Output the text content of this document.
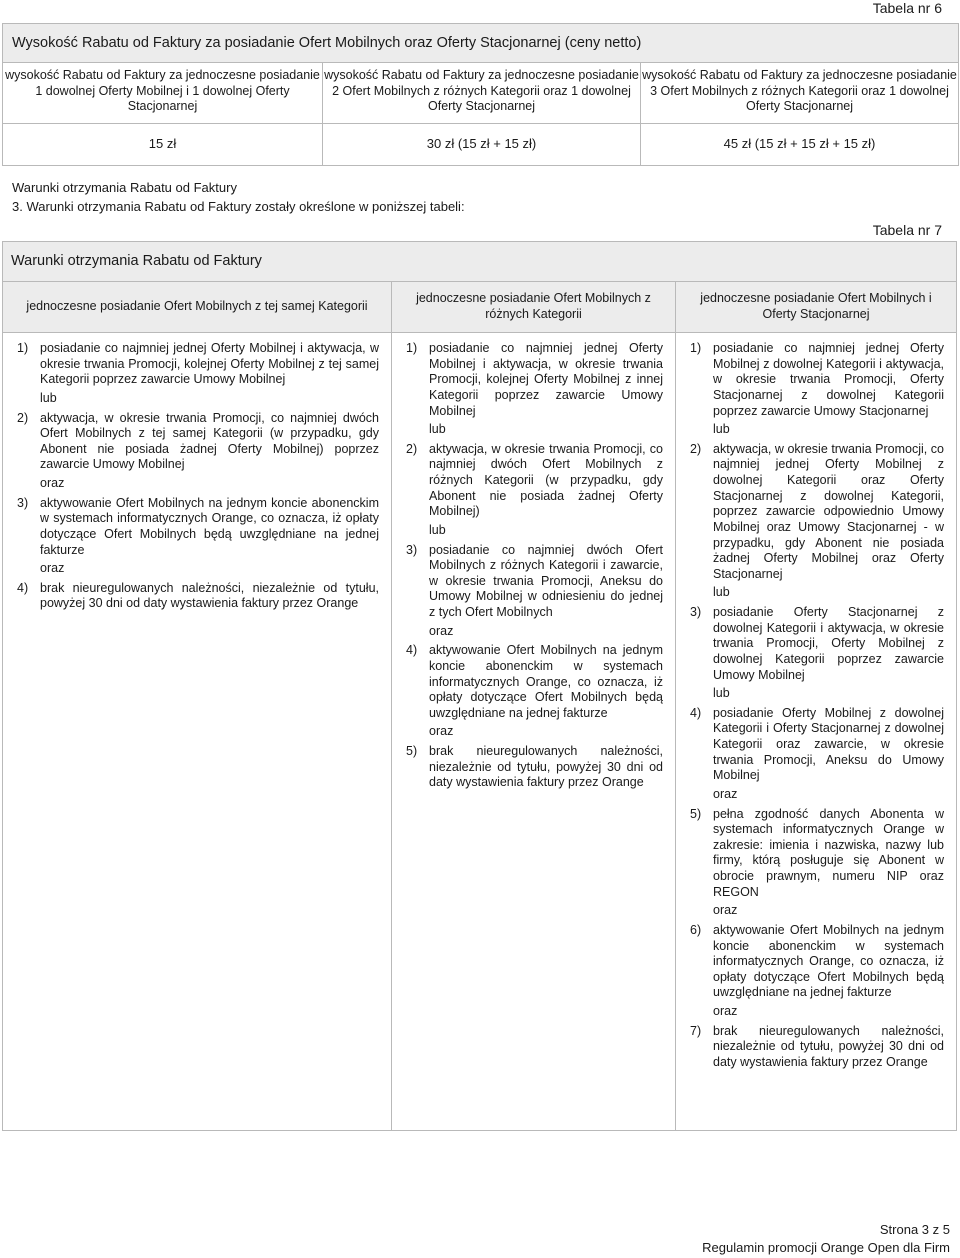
Tabela nr 6
Wysokość Rabatu od Faktury za posiadanie Ofert Mobilnych oraz Oferty Stacjonarnej (ceny netto)
wysokość Rabatu od Faktury za jednoczesne posiadanie 1 dowolnej Oferty Mobilnej i 1 dowolnej Oferty Stacjonarnej
wysokość Rabatu od Faktury za jednoczesne posiadanie 2 Ofert Mobilnych z różnych Kategorii oraz 1 dowolnej Oferty Stacjonarnej
wysokość Rabatu od Faktury za jednoczesne posiadanie 3 Ofert Mobilnych z różnych Kategorii oraz 1 dowolnej Oferty Stacjonarnej
15 zł	30 zł (15 zł + 15 zł)	45 zł (15 zł + 15 zł + 15 zł)
Warunki otrzymania Rabatu od Faktury
3. Warunki otrzymania Rabatu od Faktury zostały określone w poniższej tabeli:
Tabela nr 7
Warunki otrzymania Rabatu od Faktury
jednoczesne posiadanie Ofert Mobilnych z tej samej Kategorii
1) posiadanie co najmniej jednej Oferty Mobilnej i aktywacja, w okresie trwania Promocji, kolejnej Oferty Mobilnej z tej samej Kategorii poprzez zawarcie Umowy Mobilnej
lub
2) aktywacja, w okresie trwania Promocji, co najmniej dwóch Ofert Mobilnych z tej samej Kategorii (w przypadku, gdy Abonent nie posiada żadnej Oferty Mobilnej) poprzez zawarcie Umowy Mobilnej
oraz
3) aktywowanie Ofert Mobilnych na jednym koncie abonenckim w systemach informatycznych Orange, co oznacza, iż opłaty dotyczące Ofert Mobilnych będą uwzględniane na jednej fakturze
oraz
4) brak nieuregulowanych należności, niezależnie od tytułu, powyżej 30 dni od daty wystawienia faktury przez Orange
jednoczesne posiadanie Ofert Mobilnych z różnych Kategorii
1) posiadanie co najmniej jednej Oferty Mobilnej i aktywacja, w okresie trwania Promocji, kolejnej Oferty Mobilnej z innej Kategorii poprzez zawarcie Umowy Mobilnej
lub
2) aktywacja, w okresie trwania Promocji, co najmniej dwóch Ofert Mobilnych z różnych Kategorii (w przypadku, gdy Abonent nie posiada żadnej Oferty Mobilnej)
lub
3) posiadanie co najmniej dwóch Ofert Mobilnych z różnych Kategorii i zawarcie, w okresie trwania Promocji, Aneksu do Umowy Mobilnej w odniesieniu do jednej z tych Ofert Mobilnych
oraz
4) aktywowanie Ofert Mobilnych na jednym koncie abonenckim w systemach informatycznych Orange, co oznacza, iż opłaty dotyczące Ofert Mobilnych będą uwzględniane na jednej fakturze
oraz
5) brak nieuregulowanych należności, niezależnie od tytułu, powyżej 30 dni od daty wystawienia faktury przez Orange
jednoczesne posiadanie Ofert Mobilnych i Oferty Stacjonarnej
1) posiadanie co najmniej jednej Oferty Mobilnej z dowolnej Kategorii i aktywacja, w okresie trwania Promocji, Oferty Stacjonarnej z dowolnej Kategorii poprzez zawarcie Umowy Stacjonarnej
lub
2) aktywacja, w okresie trwania Promocji, co najmniej jednej Oferty Mobilnej z dowolnej Kategorii oraz Oferty Stacjonarnej z dowolnej Kategorii, poprzez zawarcie odpowiednio Umowy Mobilnej oraz Umowy Stacjonarnej - w przypadku, gdy Abonent nie posiada żadnej Oferty Mobilnej oraz Oferty Stacjonarnej
lub
3) posiadanie Oferty Stacjonarnej z dowolnej Kategorii i aktywacja, w okresie trwania Promocji, Oferty Mobilnej z dowolnej Kategorii poprzez zawarcie Umowy Mobilnej
lub
4) posiadanie Oferty Mobilnej z dowolnej Kategorii i Oferty Stacjonarnej z dowolnej Kategorii oraz zawarcie, w okresie trwania Promocji, Aneksu do Umowy Mobilnej
oraz
5) pełna zgodność danych Abonenta w systemach informatycznych Orange w zakresie: imienia i nazwiska, nazwy lub firmy, którą posługuje się Abonent w obrocie prawnym, numeru NIP oraz REGON
oraz
6) aktywowanie Ofert Mobilnych na jednym koncie abonenckim w systemach informatycznych Orange, co oznacza, iż opłaty dotyczące Ofert Mobilnych będą uwzględniane na jednej fakturze
oraz
7) brak nieuregulowanych należności, niezależnie od tytułu, powyżej 30 dni od daty wystawienia faktury przez Orange
Strona 3 z 5
Regulamin promocji Orange Open dla Firm
